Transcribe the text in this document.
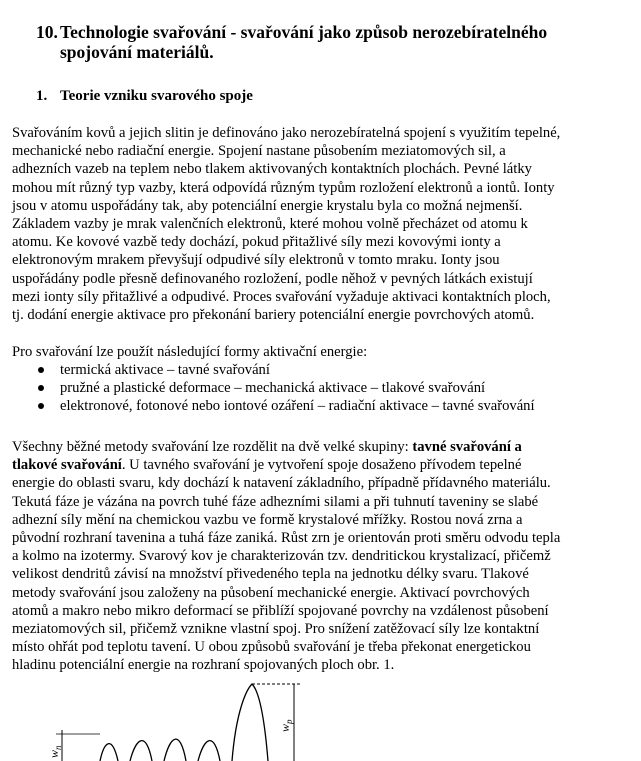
10. Technologie svařování - svařování jako způsob nerozebíratelného
spojování materiálů.
1. Teorie vzniku svarového spoje

Svařováním kovů a jejich slitin je definováno jako nerozebíratelná spojení s využitím tepelné,
mechanické nebo radiační energie. Spojení nastane působením meziatomových sil, a
adhezních vazeb na teplem nebo tlakem aktivovaných kontaktních plochách. Pevné látky
mohou mít různý typ vazby, která odpovídá různým typům rozložení elektronů a iontů. Ionty
jsou v atomu uspořádány tak, aby potenciální energie krystalu byla co možná nejmenší.
Základem vazby je mrak valenčních elektronů, které mohou volně přecházet od atomu k
atomu. Ke kovové vazbě tedy dochází, pokud přitažlivé síly mezi kovovými ionty a
elektronovým mrakem převyšují odpudivé síly elektronů v tomto mraku. Ionty jsou
uspořádány podle přesně definovaného rozložení, podle něhož v pevných látkách existují
mezi ionty síly přitažlivé a odpudivé. Proces svařování vyžaduje aktivaci kontaktních ploch,
tj. dodání energie aktivace pro překonání bariery potenciální energie povrchových atomů.

Pro svařování lze použít následující formy aktivační energie:

termická aktivace – tavné svařování
pružné a plastické deformace – mechanická aktivace – tlakové svařování
elektronové, fotonové nebo iontové ozáření – radiační aktivace – tavné svařování

Všechny běžné metody svařování lze rozdělit na dvě velké skupiny: tavné svařování a
tlakové svařování. U tavného svařování je vytvoření spoje dosaženo přívodem tepelné
energie do oblasti svaru, kdy dochází k natavení základního, případně přídavného materiálu.
Tekutá fáze je vázána na povrch tuhé fáze adhezními silami a při tuhnutí taveniny se slabé
adhezní síly mění na chemickou vazbu ve formě krystalové mřížky. Rostou nová zrna a
původní rozhraní tavenina a tuhá fáze zaniká. Růst zrn je orientován proti směru odvodu tepla
a kolmo na izotermy. Svarový kov je charakterizován tzv. dendritickou krystalizací, přičemž
velikost dendritů závisí na množství přivedeného tepla na jednotku délky svaru. Tlakové
metody svařování jsou založeny na působení mechanické energie. Aktivací povrchových
atomů a makro nebo mikro deformací se přiblíží spojované povrchy na vzdálenost působení
meziatomových sil, přičemž vznikne vlastní spoj. Pro snížení zatěžovací síly lze kontaktní
místo ohřát pod teplotu tavení. U obou způsobů svařování je třeba překonat energetickou
hladinu potenciální energie na rozhraní spojovaných ploch obr. 1.

$w_n$
$w_p$
